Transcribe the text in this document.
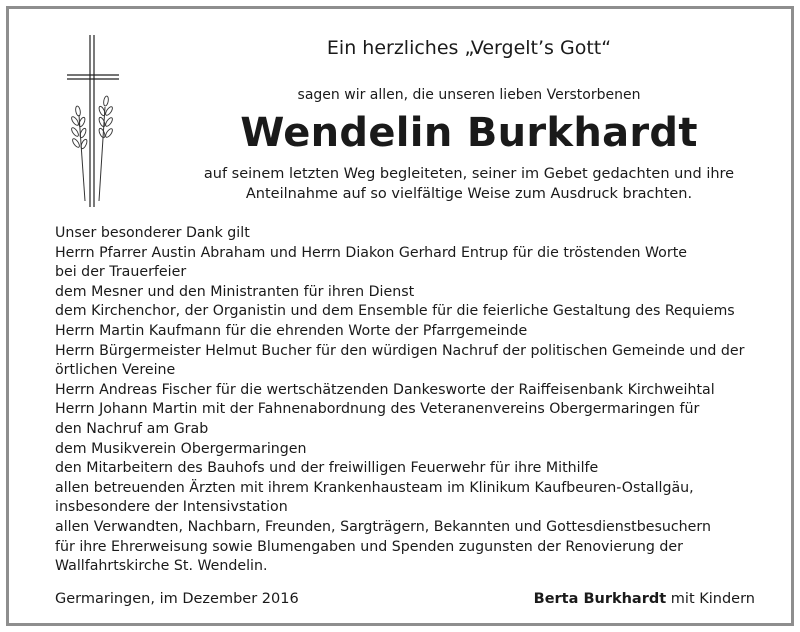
Ein herzliches „Vergelt’s Gott“
sagen wir allen, die unseren lieben Verstorbenen
Wendelin Burkhardt
auf seinem letzten Weg begleiteten, seiner im Gebet gedachten und ihre
Anteilnahme auf so vielfältige Weise zum Ausdruck brachten.
Unser besonderer Dank gilt
Herrn Pfarrer Austin Abraham und Herrn Diakon Gerhard Entrup für die tröstenden Worte
bei der Trauerfeier
dem Mesner und den Ministranten für ihren Dienst
dem Kirchenchor, der Organistin und dem Ensemble für die feierliche Gestaltung des Requiems
Herrn Martin Kaufmann für die ehrenden Worte der Pfarrgemeinde
Herrn Bürgermeister Helmut Bucher für den würdigen Nachruf der politischen Gemeinde und der
örtlichen Vereine
Herrn Andreas Fischer für die wertschätzenden Dankesworte der Raiffeisenbank Kirchweihtal
Herrn Johann Martin mit der Fahnenabordnung des Veteranenvereins Obergermaringen für
den Nachruf am Grab
dem Musikverein Obergermaringen
den Mitarbeitern des Bauhofs und der freiwilligen Feuerwehr für ihre Mithilfe
allen betreuenden Ärzten mit ihrem Krankenhausteam im Klinikum Kaufbeuren-Ostallgäu,
insbesondere der Intensivstation
allen Verwandten, Nachbarn, Freunden, Sargträgern, Bekannten und Gottesdienstbesuchern
für ihre Ehrerweisung sowie Blumengaben und Spenden zugunsten der Renovierung der
Wallfahrtskirche St. Wendelin.
Germaringen, im Dezember 2016	Berta Burkhardt mit Kindern
